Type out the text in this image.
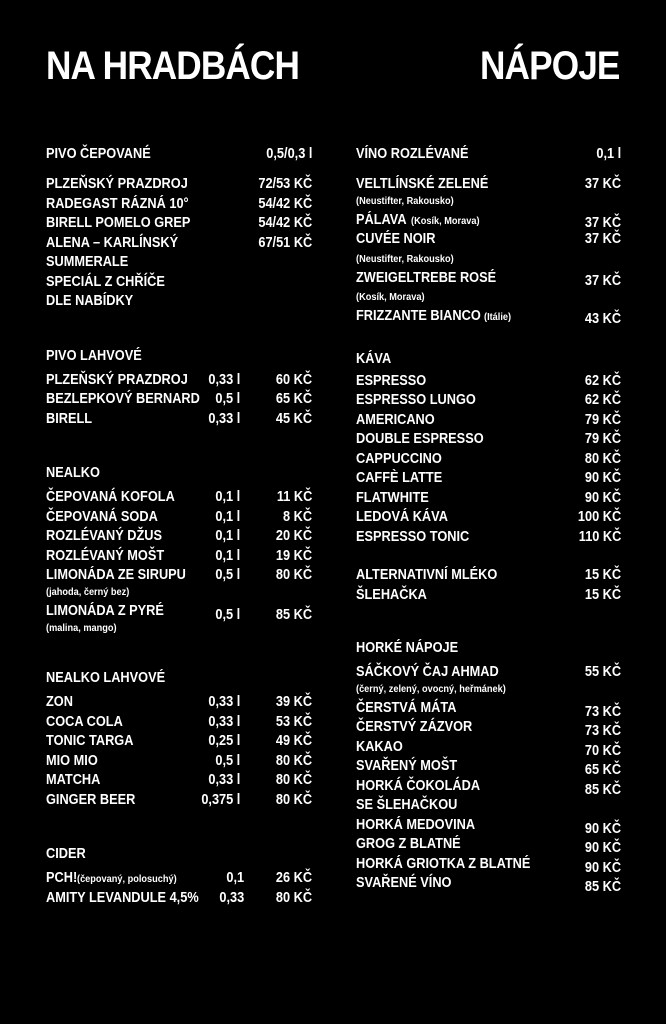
NA HRADBÁCH	NÁPOJE
PIVO ČEPOVANÉ	0,5/0,3 l
PLZEŇSKÝ PRAZDROJ	72/53 KČ
RADEGAST RÁZNÁ 10°	54/42 KČ
BIRELL POMELO GREP	54/42 KČ
ALENA – KARLÍNSKÝ	67/51 KČ
SUMMERALE
SPECIÁL Z CHŘÍČE
DLE NABÍDKY
PIVO LAHVOVÉ
PLZEŇSKÝ PRAZDROJ 0,33 l 60 KČ
BEZLEPKOVÝ BERNARD 0,5 l 65 KČ
BIRELL	0,33 l 45 KČ
NEALKO
ČEPOVANÁ KOFOLA	0,1 l	11 KČ
ČEPOVANÁ SODA	0,1 l	8 KČ
ROZLÉVANÝ DŽUS	0,1 l 20 KČ
ROZLÉVANÝ MOŠT	0,1 l 19 KČ
LIMONÁDA ZE SIRUPU 0,5 l 80 KČ
(jahoda, černý bez)
LIMONÁDA Z PYRÉ	0,5 l 85 KČ
(malina, mango)
NEALKO LAHVOVÉ
ZON	0,33 l 39 KČ
COCA COLA	0,33 l 53 KČ
TONIC TARGA	0,25 l 49 KČ
MIO MIO	0,5 l 80 KČ
MATCHA	0,33 l 80 KČ
GINGER BEER	0,375 l 80 KČ
CIDER
PCH!(čepovaný, polosuchý)	0,1 26 KČ
AMITY LEVANDULE 4,5% 0,33 80 KČ
VÍNO ROZLÉVANÉ	0,1 l
VELTLÍNSKÉ ZELENÉ	37 KČ
(Neustifter, Rakousko)
PÁLAVA (Kosík, Morava)	37 KČ
CUVÉE NOIR	37 KČ
(Neustifter, Rakousko)
ZWEIGELTREBE ROSÉ	37 KČ
(Kosík, Morava)
FRIZZANTE BIANCO (Itálie)	43 KČ
KÁVA
ESPRESSO	62 KČ
ESPRESSO LUNGO	62 KČ
AMERICANO	79 KČ
DOUBLE ESPRESSO	79 KČ
CAPPUCCINO	80 KČ
CAFFÈ LATTE	90 KČ
FLATWHITE	90 KČ
LEDOVÁ KÁVA	100 KČ
ESPRESSO TONIC	110 KČ
ALTERNATIVNÍ MLÉKO	15 KČ
ŠLEHAČKA	15 KČ
HORKÉ NÁPOJE
SÁČKOVÝ ČAJ AHMAD	55 KČ
(černý, zelený, ovocný, heřmánek)
ČERSTVÁ MÁTA	73 KČ
ČERSTVÝ ZÁZVOR	73 KČ
KAKAO	70 KČ
SVAŘENÝ MOŠT	65 KČ
HORKÁ ČOKOLÁDA	85 KČ
SE ŠLEHAČKOU
HORKÁ MEDOVINA	90 KČ
GROG Z BLATNÉ	90 KČ
HORKÁ GRIOTKA Z BLATNÉ	90 KČ
SVAŘENÉ VÍNO	85 KČ
